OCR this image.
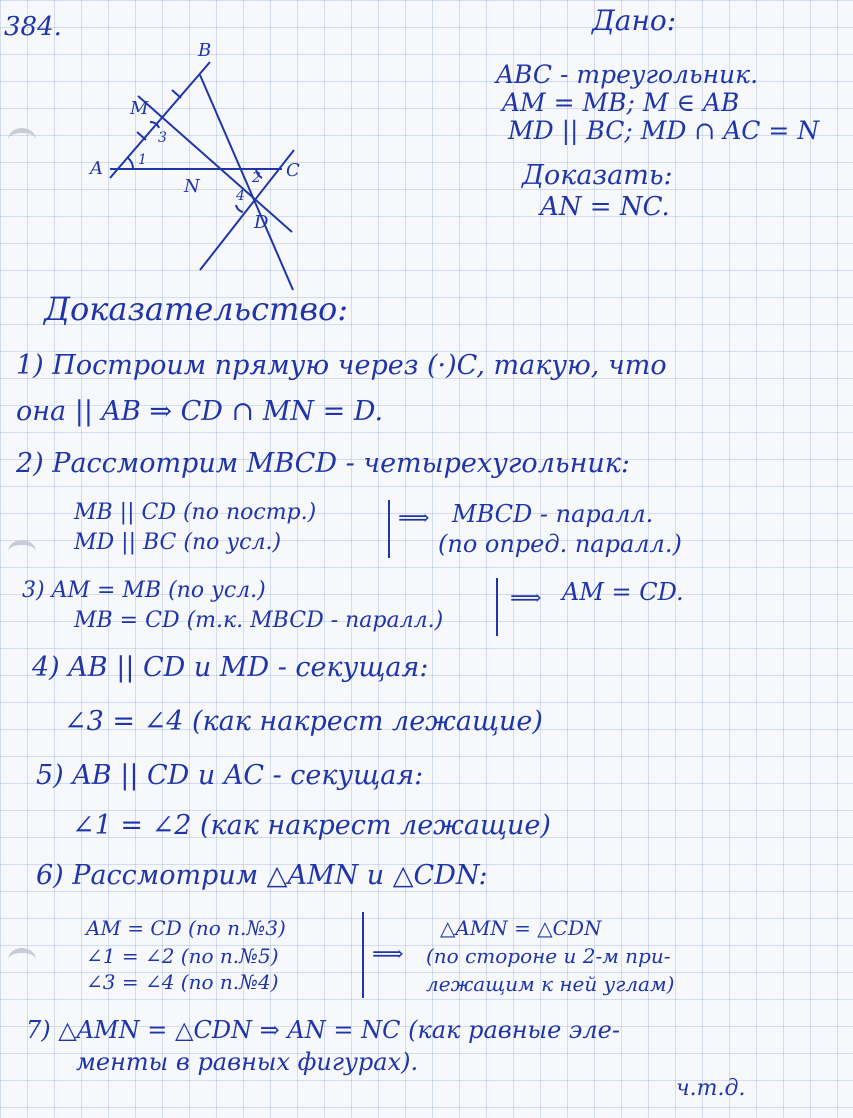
384.	Дано:
ABC - треугольник.
AM = MB; M ∈ AB
MD || BC; MD ∩ AC = N
Доказать:
AN = NC.
B
M
A
N
C
D
1
2
3
4
Доказательство:
1) Построим прямую через (·)C, такую, что
она || AB ⇒ CD ∩ MN = D.
2) Рассмотрим MBCD - четырехугольник:
MB || CD (по постр.)
MD || BC (по усл.)
⟹ MBCD - паралл.
(по опред. паралл.)
3) AM = MB (по усл.)
MB = CD (т.к. MBCD - паралл.)
⟹ AM = CD.
4) AB || CD и MD - секущая:
∠3 = ∠4 (как накрест лежащие)
5) AB || CD и AC - секущая:
∠1 = ∠2 (как накрест лежащие)
6) Рассмотрим △AMN и △CDN:
AM = CD (по п.№3)
∠1 = ∠2 (по п.№5)
∠3 = ∠4 (по п.№4)
⟹
△AMN = △CDN
(по стороне и 2-м при-
лежащим к ней углам)
7) △AMN = △CDN ⇒ AN = NC (как равные эле-
менты в равных фигурах).
ч.т.д.
